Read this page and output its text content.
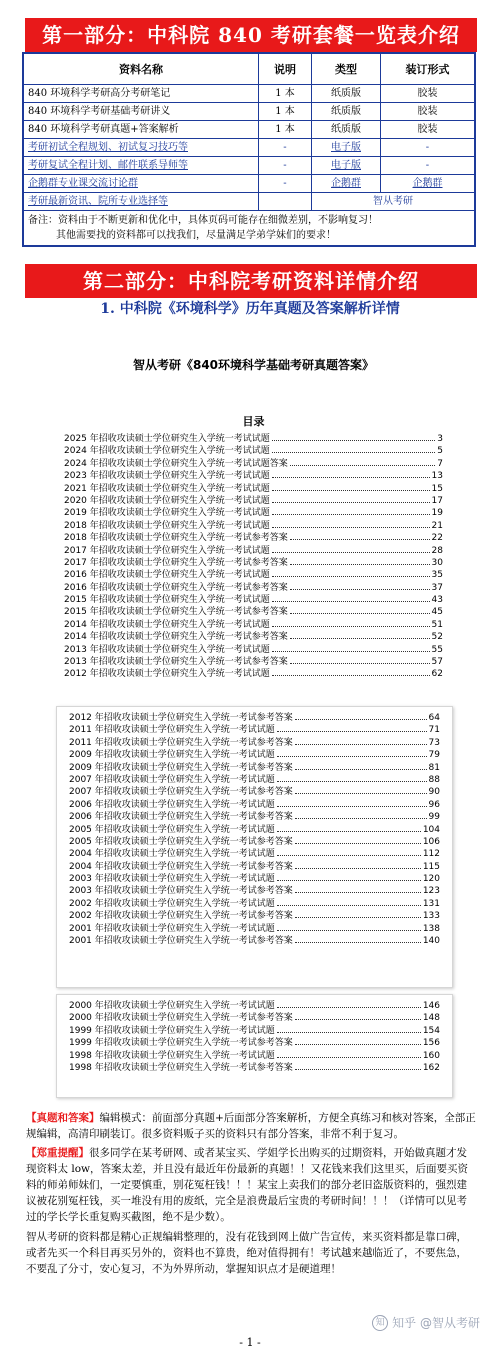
第一部分：中科院 840 考研套餐一览表介绍
资料名称	说明	类型	装订形式
840 环境科学考研高分考研笔记	1 本	纸质版	胶装
840 环境科学考研基础考研讲义	1 本	纸质版	胶装
840 环境科学考研真题+答案解析	1 本	纸质版	胶装
考研初试全程规划、初试复习技巧等	-	电子版	-
考研复试全程计划、邮件联系导师等	-	电子版	-
企鹅群专业课交流讨论群	-	企鹅群	企鹅群
考研最新资讯、院所专业选择等		智从考研	

备注：资料由于不断更新和优化中，具体页码可能存在细微差别，不影响复习！
其他需要找的资料都可以找我们，尽量满足学弟学妹们的要求！			
第二部分：中科院考研资料详情介绍
1. 中科院《环境科学》历年真题及答案解析详情
智从考研《840环境科学基础考研真题答案》
目录
2025 年招收攻读硕士学位研究生入学统一考试试题	3
2024 年招收攻读硕士学位研究生入学统一考试试题	5
2024 年招收攻读硕士学位研究生入学统一考试试题答案	7
2023 年招收攻读硕士学位研究生入学统一考试试题	13
2021 年招收攻读硕士学位研究生入学统一考试试题	15
2020 年招收攻读硕士学位研究生入学统一考试试题	17
2019 年招收攻读硕士学位研究生入学统一考试试题	19
2018 年招收攻读硕士学位研究生入学统一考试试题	21
2018 年招收攻读硕士学位研究生入学统一考试参考答案	22
2017 年招收攻读硕士学位研究生入学统一考试试题	28
2017 年招收攻读硕士学位研究生入学统一考试参考答案	30
2016 年招收攻读硕士学位研究生入学统一考试试题	35
2016 年招收攻读硕士学位研究生入学统一考试参考答案	37
2015 年招收攻读硕士学位研究生入学统一考试试题	43
2015 年招收攻读硕士学位研究生入学统一考试参考答案	45
2014 年招收攻读硕士学位研究生入学统一考试试题	51
2014 年招收攻读硕士学位研究生入学统一考试参考答案	52
2013 年招收攻读硕士学位研究生入学统一考试试题	55
2013 年招收攻读硕士学位研究生入学统一考试参考答案	57
2012 年招收攻读硕士学位研究生入学统一考试试题	62
2012 年招收攻读硕士学位研究生入学统一考试参考答案	64
2011 年招收攻读硕士学位研究生入学统一考试试题	71
2011 年招收攻读硕士学位研究生入学统一考试参考答案	73
2009 年招收攻读硕士学位研究生入学统一考试试题	79
2009 年招收攻读硕士学位研究生入学统一考试参考答案	81
2007 年招收攻读硕士学位研究生入学统一考试试题	88
2007 年招收攻读硕士学位研究生入学统一考试参考答案	90
2006 年招收攻读硕士学位研究生入学统一考试试题	96
2006 年招收攻读硕士学位研究生入学统一考试参考答案	99
2005 年招收攻读硕士学位研究生入学统一考试试题	104
2005 年招收攻读硕士学位研究生入学统一考试参考答案	106
2004 年招收攻读硕士学位研究生入学统一考试试题	112
2004 年招收攻读硕士学位研究生入学统一考试参考答案	115
2003 年招收攻读硕士学位研究生入学统一考试试题	120
2003 年招收攻读硕士学位研究生入学统一考试参考答案	123
2002 年招收攻读硕士学位研究生入学统一考试试题	131
2002 年招收攻读硕士学位研究生入学统一考试参考答案	133
2001 年招收攻读硕士学位研究生入学统一考试试题	138
2001 年招收攻读硕士学位研究生入学统一考试参考答案	140
2000 年招收攻读硕士学位研究生入学统一考试试题	146
2000 年招收攻读硕士学位研究生入学统一考试参考答案	148
1999 年招收攻读硕士学位研究生入学统一考试试题	154
1999 年招收攻读硕士学位研究生入学统一考试参考答案	156
1998 年招收攻读硕士学位研究生入学统一考试试题	160
1998 年招收攻读硕士学位研究生入学统一考试参考答案	162
【真题和答案】编辑模式：前面部分真题+后面部分答案解析，方便全真练习和核对答案，全部正规编辑，高清印刷装订。很多资料贩子买的资料只有部分答案，非常不利于复习。
【郑重提醒】很多同学在某考研网、或者某宝买、学姐学长出购买的过期资料，开始做真题才发现资料太 low，答案太差，并且没有最近年份最新的真题！！又花钱来我们这里买，后面要买资料的师弟师妹们，一定要慎重，别花冤枉钱！！！某宝上卖我们的部分老旧盗版资料的，强烈建议被花别冤枉钱，买一堆没有用的废纸，完全是浪费最后宝贵的考研时间！！！（详情可以见考过的学长学长重复购买截图，绝不是少数）。
智从考研的资料都是精心正规编辑整理的，没有花钱到网上做广告宣传，来买资料都是靠口碑，或者先买一个科目再买另外的，资料也不算贵，绝对值得拥有！考试越来越临近了，不要焦急，不要乱了分寸，安心复习，不为外界所动，掌握知识点才是硬道理！
知 知乎 @智从考研
- 1 -
